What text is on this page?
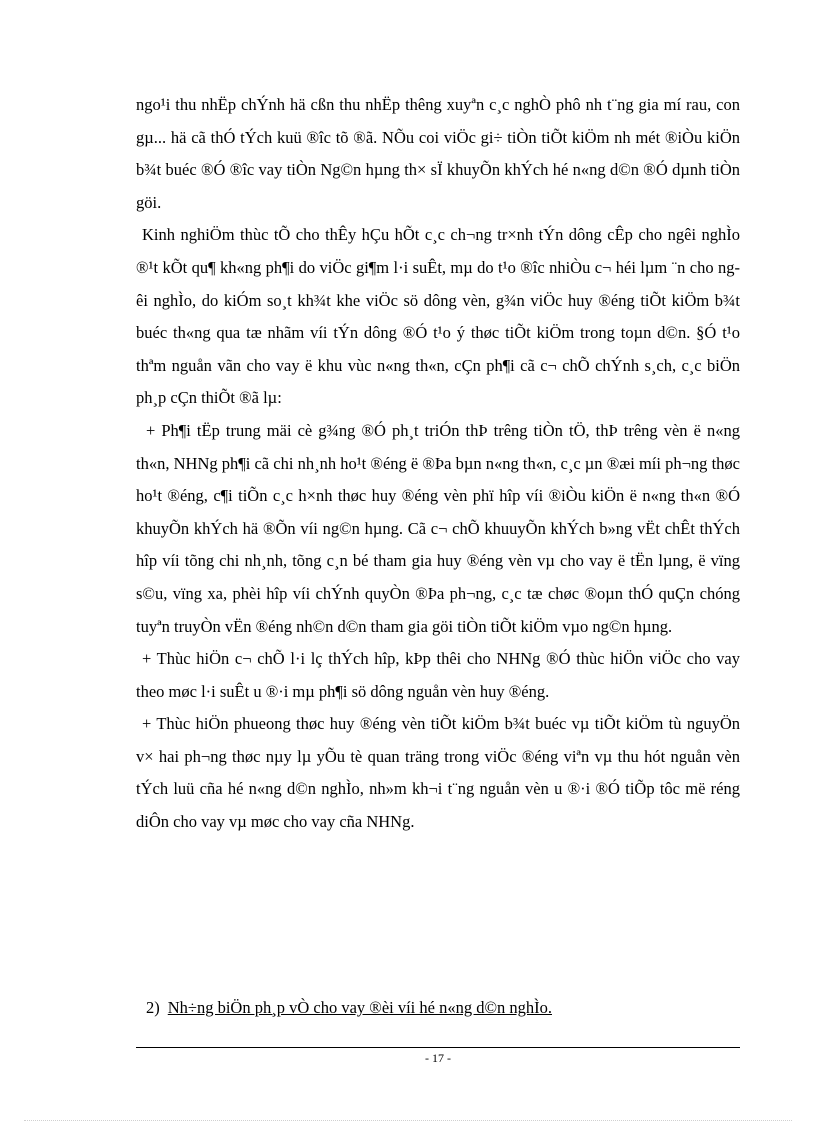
ngo¹i thu nhËp chÝnh hä cßn thu nhËp thêng xuyªn c¸c nghÒ phô nh t¨ng gia mí rau, con gµ... hä cã thÓ tÝch kuü ®îc tõ ®ã. NÕu coi viÖc gi÷ tiÒn tiÕt kiÖm nh mét ®iÒu kiÖn b¾t buéc ®Ó ®îc vay tiÒn Ng©n hµng th× sÏ khuyÕn khÝch hé n«ng d©n ®Ó dµnh tiÒn göi.

Kinh nghiÖm thùc tÕ cho thÊy hÇu hÕt c¸c ch¬ng tr×nh tÝn dông cÊp cho ngêi nghÌo ®¹t kÕt qu¶ kh«ng ph¶i do viÖc gi¶m l·i suÊt, mµ do t¹o ®îc nhiÒu c¬ héi lµm ¨n cho ngêi nghÌo, do kiÓm so¸t kh¾t khe viÖc sö dông vèn, g¾n viÖc huy ®éng tiÕt kiÖm b¾t buéc th«ng qua tæ nhãm víi tÝn dông ®Ó t¹o ý thøc tiÕt kiÖm trong toµn d©n. §Ó t¹o thªm nguån vãn cho vay ë khu vùc n«ng th«n, cÇn ph¶i cã c¬ chÕ chÝnh s¸ch, c¸c biÖn ph¸p cÇn thiÕt ®ã lµ:

+ Ph¶i tËp trung mäi cè g¾ng ®Ó ph¸t triÓn thÞ trêng tiÒn tÖ, thÞ trêng vèn ë n«ng th«n, NHNg ph¶i cã chi nh¸nh ho¹t ®éng ë ®Þa bµn n«ng th«n, c¸c µn ®æi míi ph¬ng thøc ho¹t ®éng, c¶i tiÕn c¸c h×nh thøc huy ®éng vèn phï hîp víi ®iÒu kiÖn ë n«ng th«n ®Ó khuyÕn khÝch hä ®Õn víi ng©n hµng. Cã c¬ chÕ khuuyÕn khÝch b»ng vËt chÊt thÝch hîp víi tõng chi nh¸nh, tõng c¸n bé tham gia huy ®éng vèn vµ cho vay ë tËn lµng, ë vïng s©u, vïng xa, phèi hîp víi chÝnh quyÒn ®Þa ph¬ng, c¸c tæ chøc ®oµn thÓ quÇn chóng tuyªn truyÒn vËn ®éng nh©n d©n tham gia göi tiÒn tiÕt kiÖm vµo ng©n hµng.

+ Thùc hiÖn c¬ chÕ l·i lç thÝch hîp, kÞp thêi cho NHNg ®Ó thùc hiÖn viÖc cho vay theo møc l·i suÊt u ®·i mµ ph¶i sö dông nguån vèn huy ®éng.

+ Thùc hiÖn phueong thøc huy ®éng vèn tiÕt kiÖm b¾t buéc vµ tiÕt kiÖm tù nguyÖn v× hai ph¬ng thøc nµy lµ yÕu tè quan träng trong viÖc ®éng viªn vµ thu hót nguån vèn tÝch luü cña hé n«ng d©n nghÌo, nh»m kh¬i t¨ng nguån vèn u ®·i ®Ó tiÕp tôc më réng diÔn cho vay vµ møc cho vay cña NHNg.

2) Nh÷ng biÖn ph¸p vÒ cho vay ®èi víi hé n«ng d©n nghÌo.
- 17 -
